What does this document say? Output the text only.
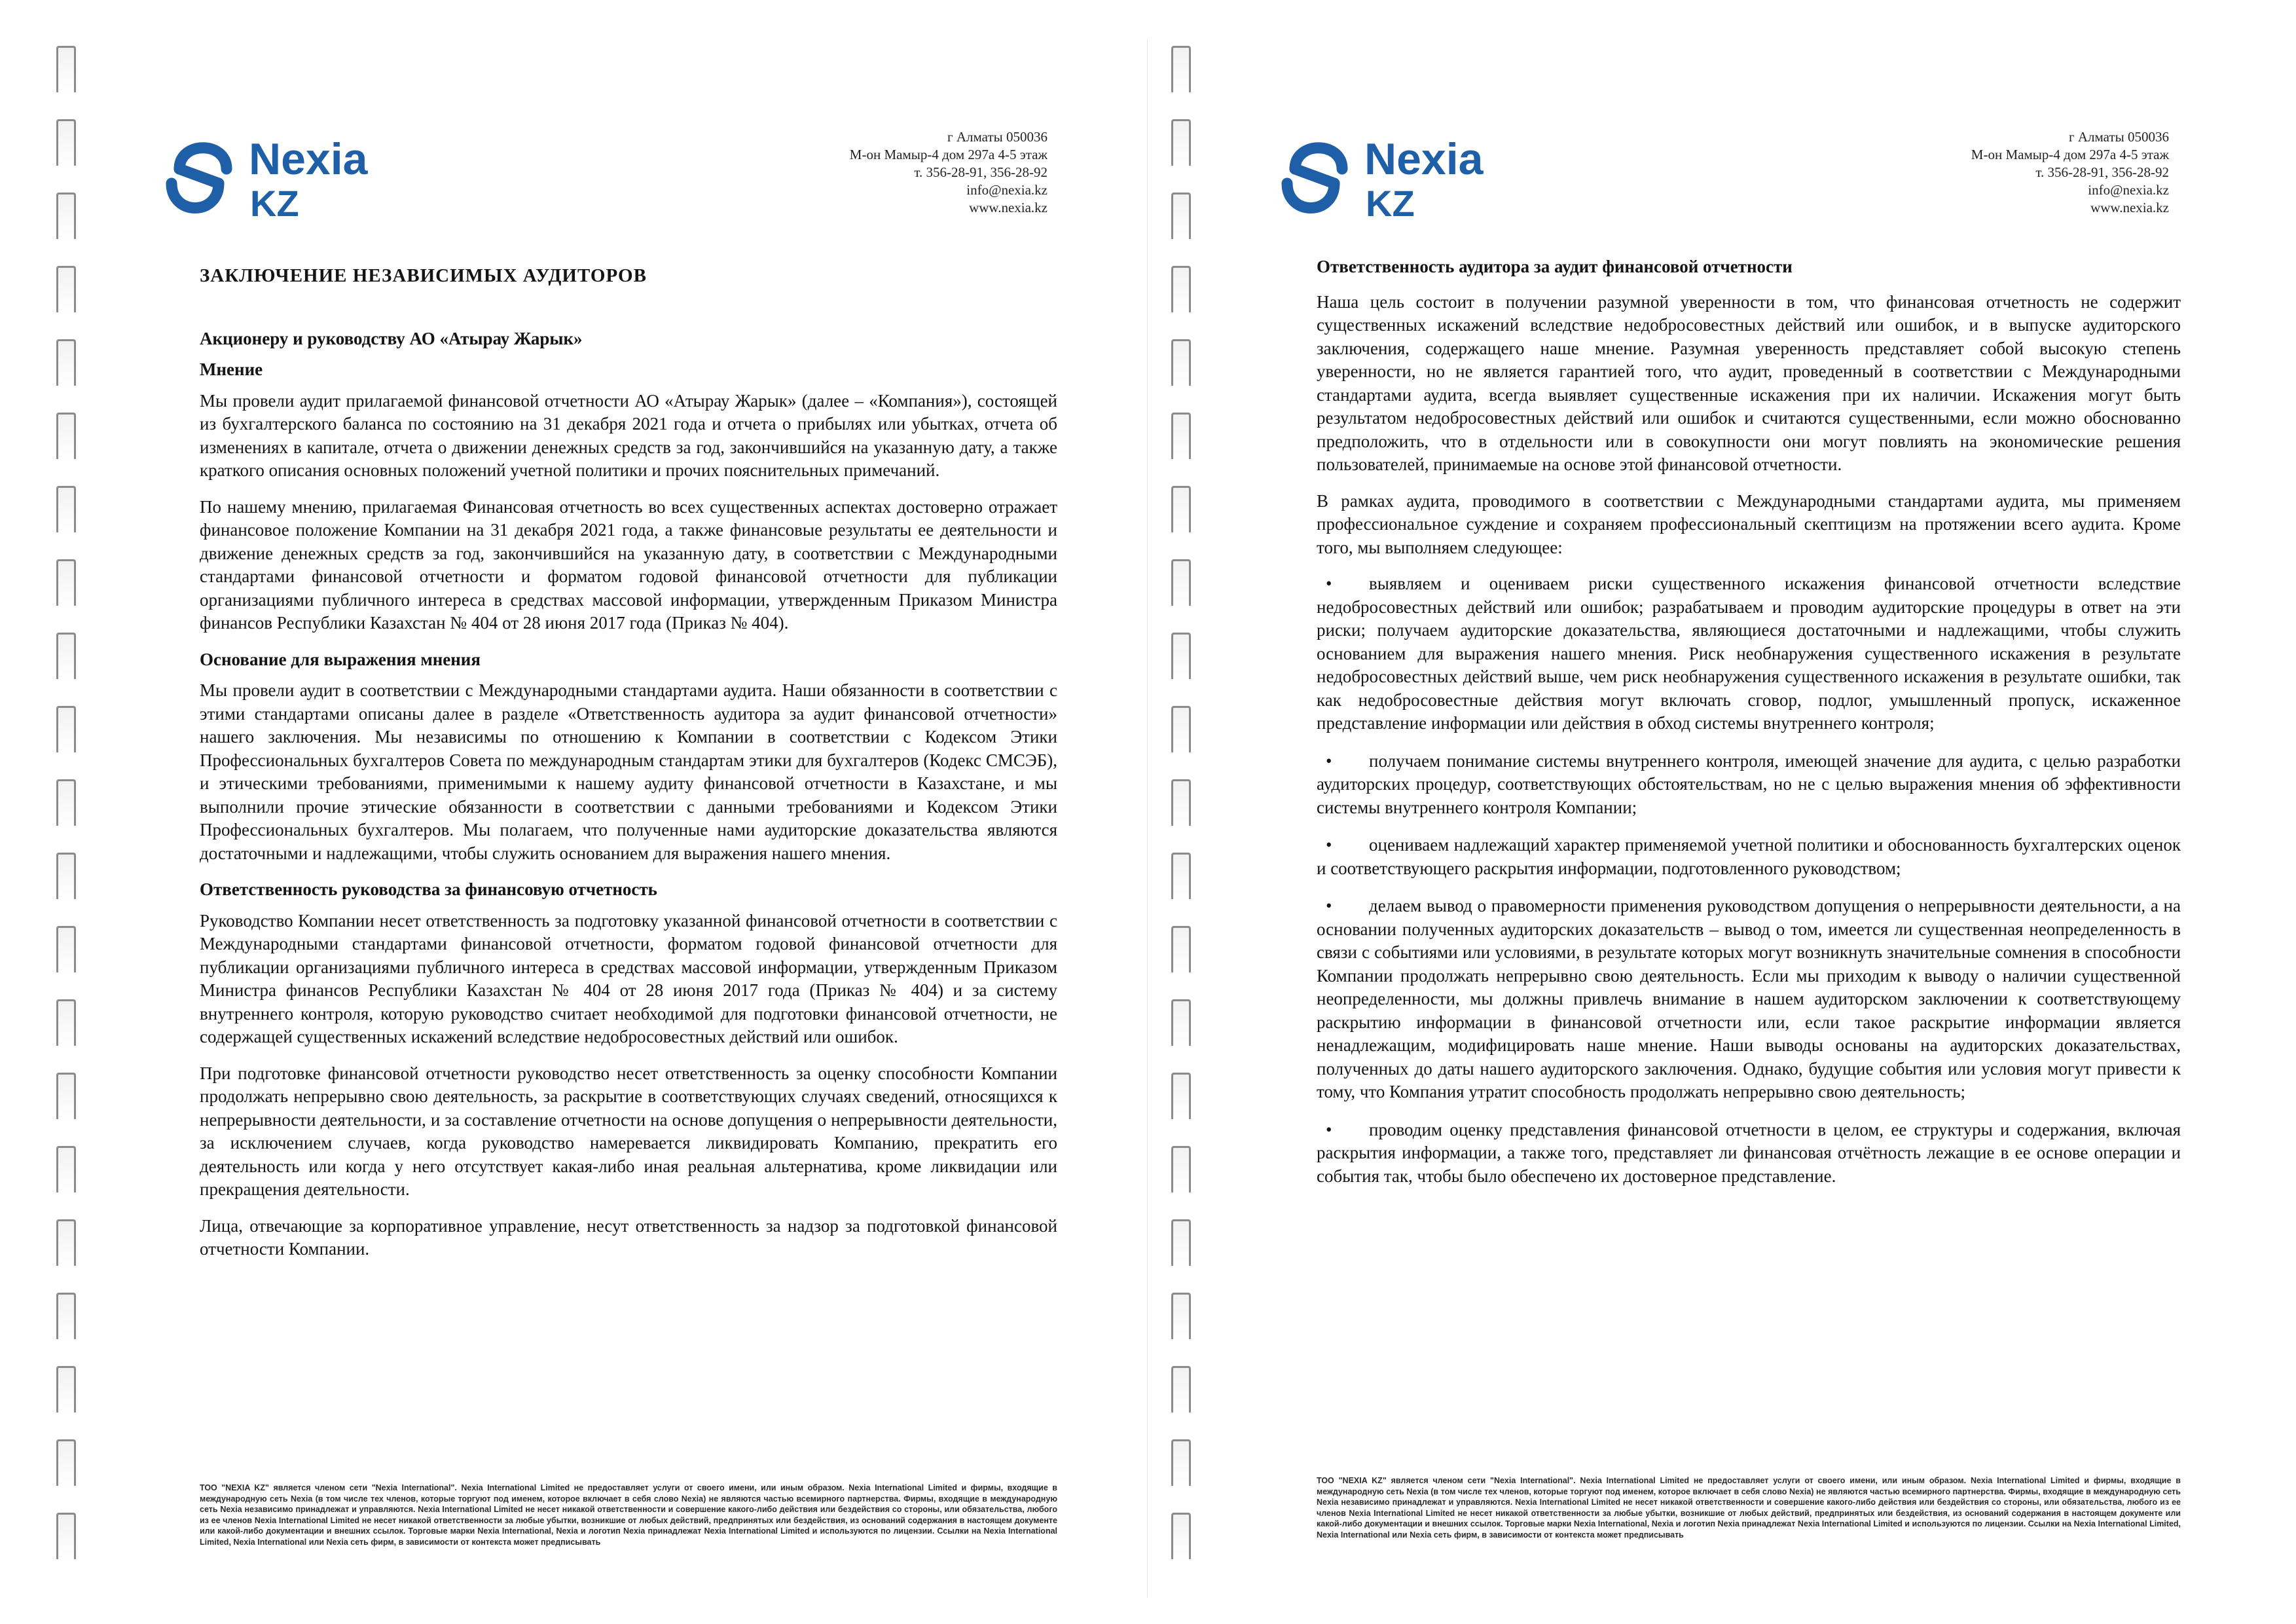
Nexia
KZ
г Алматы 050036
М-он Мамыр-4 дом 297а 4-5 этаж
т. 356-28-91, 356-28-92
info@nexia.kz
www.nexia.kz
ЗАКЛЮЧЕНИЕ НЕЗАВИСИМЫХ АУДИТОРОВ
Акционеру и руководству АО «Атырау Жарык»
Мнение

Мы провели аудит прилагаемой финансовой отчетности АО «Атырау Жарык» (далее – «Компания»), состоящей из бухгалтерского баланса по состоянию на 31 декабря 2021 года и отчета о прибылях или убытках, отчета об изменениях в капитале, отчета о движении денежных средств за год, закончившийся на указанную дату, а также краткого описания основных положений учетной политики и прочих пояснительных примечаний.

По нашему мнению, прилагаемая Финансовая отчетность во всех существенных аспектах достоверно отражает финансовое положение Компании на 31 декабря 2021 года, а также финансовые результаты ее деятельности и движение денежных средств за год, закончившийся на указанную дату, в соответствии с Международными стандартами финансовой отчетности и форматом годовой финансовой отчетности для публикации организациями публичного интереса в средствах массовой информации, утвержденным Приказом Министра финансов Республики Казахстан № 404 от 28 июня 2017 года (Приказ № 404).

Основание для выражения мнения

Мы провели аудит в соответствии с Международными стандартами аудита. Наши обязанности в соответствии с этими стандартами описаны далее в разделе «Ответственность аудитора за аудит финансовой отчетности» нашего заключения. Мы независимы по отношению к Компании в соответствии с Кодексом Этики Профессиональных бухгалтеров Совета по международным стандартам этики для бухгалтеров (Кодекс СМСЭБ), и этическими требованиями, применимыми к нашему аудиту финансовой отчетности в Казахстане, и мы выполнили прочие этические обязанности в соответствии с данными требованиями и Кодексом Этики Профессиональных бухгалтеров. Мы полагаем, что полученные нами аудиторские доказательства являются достаточными и надлежащими, чтобы служить основанием для выражения нашего мнения.

Ответственность руководства за финансовую отчетность

Руководство Компании несет ответственность за подготовку указанной финансовой отчетности в соответствии с Международными стандартами финансовой отчетности, форматом годовой финансовой отчетности для публикации организациями публичного интереса в средствах массовой информации, утвержденным Приказом Министра финансов Республики Казахстан № 404 от 28 июня 2017 года (Приказ № 404) и за систему внутреннего контроля, которую руководство считает необходимой для подготовки финансовой отчетности, не содержащей существенных искажений вследствие недобросовестных действий или ошибок.

При подготовке финансовой отчетности руководство несет ответственность за оценку способности Компании продолжать непрерывно свою деятельность, за раскрытие в соответствующих случаях сведений, относящихся к непрерывности деятельности, и за составление отчетности на основе допущения о непрерывности деятельности, за исключением случаев, когда руководство намеревается ликвидировать Компанию, прекратить его деятельность или когда у него отсутствует какая-либо иная реальная альтернатива, кроме ликвидации или прекращения деятельности.

Лица, отвечающие за корпоративное управление, несут ответственность за надзор за подготовкой финансовой отчетности Компании.

ТОО "NEXIA KZ" является членом сети "Nexia International". Nexia International Limited не предоставляет услуги от своего имени, или иным образом. Nexia International Limited и фирмы, входящие в международную сеть Nexia (в том числе тех членов, которые торгуют под именем, которое включает в себя слово Nexia) не являются частью всемирного партнерства. Фирмы, входящие в международную сеть Nexia независимо принадлежат и управляются. Nexia International Limited не несет никакой ответственности и совершение какого-либо действия или бездействия со стороны, или обязательства, любого из ее членов Nexia International Limited не несет никакой ответственности за любые убытки, возникшие от любых действий, предпринятых или бездействия, из оснований содержания в настоящем документе или какой-либо документации и внешних ссылок. Торговые марки Nexia International, Nexia и логотип Nexia принадлежат Nexia International Limited и используются по лицензии. Ссылки на Nexia International Limited, Nexia International или Nexia сеть фирм, в зависимости от контекста может предписывать
Nexia
KZ
г Алматы 050036
М-он Мамыр-4 дом 297а 4-5 этаж
т. 356-28-91, 356-28-92
info@nexia.kz
www.nexia.kz
Ответственность аудитора за аудит финансовой отчетности

Наша цель состоит в получении разумной уверенности в том, что финансовая отчетность не содержит существенных искажений вследствие недобросовестных действий или ошибок, и в выпуске аудиторского заключения, содержащего наше мнение. Разумная уверенность представляет собой высокую степень уверенности, но не является гарантией того, что аудит, проведенный в соответствии с Международными стандартами аудита, всегда выявляет существенные искажения при их наличии. Искажения могут быть результатом недобросовестных действий или ошибок и считаются существенными, если можно обоснованно предположить, что в отдельности или в совокупности они могут повлиять на экономические решения пользователей, принимаемые на основе этой финансовой отчетности.

В рамках аудита, проводимого в соответствии с Международными стандартами аудита, мы применяем профессиональное суждение и сохраняем профессиональный скептицизм на протяжении всего аудита. Кроме того, мы выполняем следующее:

• выявляем и оцениваем риски существенного искажения финансовой отчетности вследствие недобросовестных действий или ошибок; разрабатываем и проводим аудиторские процедуры в ответ на эти риски; получаем аудиторские доказательства, являющиеся достаточными и надлежащими, чтобы служить основанием для выражения нашего мнения. Риск необнаружения существенного искажения в результате недобросовестных действий выше, чем риск необнаружения существенного искажения в результате ошибки, так как недобросовестные действия могут включать сговор, подлог, умышленный пропуск, искаженное представление информации или действия в обход системы внутреннего контроля;
• получаем понимание системы внутреннего контроля, имеющей значение для аудита, с целью разработки аудиторских процедур, соответствующих обстоятельствам, но не с целью выражения мнения об эффективности системы внутреннего контроля Компании;
• оцениваем надлежащий характер применяемой учетной политики и обоснованность бухгалтерских оценок и соответствующего раскрытия информации, подготовленного руководством;
• делаем вывод о правомерности применения руководством допущения о непрерывности деятельности, а на основании полученных аудиторских доказательств – вывод о том, имеется ли существенная неопределенность в связи с событиями или условиями, в результате которых могут возникнуть значительные сомнения в способности Компании продолжать непрерывно свою деятельность. Если мы приходим к выводу о наличии существенной неопределенности, мы должны привлечь внимание в нашем аудиторском заключении к соответствующему раскрытию информации в финансовой отчетности или, если такое раскрытие информации является ненадлежащим, модифицировать наше мнение. Наши выводы основаны на аудиторских доказательствах, полученных до даты нашего аудиторского заключения. Однако, будущие события или условия могут привести к тому, что Компания утратит способность продолжать непрерывно свою деятельность;
• проводим оценку представления финансовой отчетности в целом, ее структуры и содержания, включая раскрытия информации, а также того, представляет ли финансовая отчётность лежащие в ее основе операции и события так, чтобы было обеспечено их достоверное представление.
ТОО "NEXIA KZ" является членом сети "Nexia International". Nexia International Limited не предоставляет услуги от своего имени, или иным образом. Nexia International Limited и фирмы, входящие в международную сеть Nexia (в том числе тех членов, которые торгуют под именем, которое включает в себя слово Nexia) не являются частью всемирного партнерства. Фирмы, входящие в международную сеть Nexia независимо принадлежат и управляются. Nexia International Limited не несет никакой ответственности и совершение какого-либо действия или бездействия со стороны, или обязательства, любого из ее членов Nexia International Limited не несет никакой ответственности за любые убытки, возникшие от любых действий, предпринятых или бездействия, из оснований содержания в настоящем документе или какой-либо документации и внешних ссылок. Торговые марки Nexia International, Nexia и логотип Nexia принадлежат Nexia International Limited и используются по лицензии. Ссылки на Nexia International Limited, Nexia International или Nexia сеть фирм, в зависимости от контекста может предписывать
